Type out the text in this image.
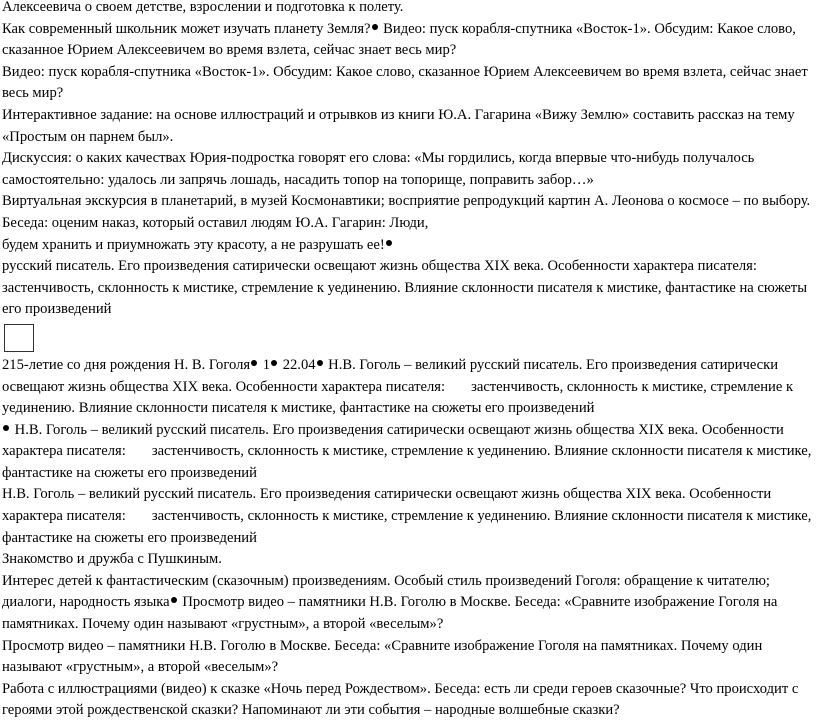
Алексеевича о своем детстве, взрослении и подготовка к полету.

Как современный школьник может изучать планету Земля? Видео: пуск корабля-спутника «Восток-1». Обсудим: Какое слово, сказанное Юрием Алексеевичем во время взлета, сейчас знает весь мир?

Видео: пуск корабля-спутника «Восток-1». Обсудим: Какое слово, сказанное Юрием Алексеевичем во время взлета, сейчас знает весь мир?

Интерактивное задание: на основе иллюстраций и отрывков из книги Ю.А. Гагарина «Вижу Землю» составить рассказ на тему «Простым он парнем был».

Дискуссия: о каких качествах Юрия-подростка говорят его слова: «Мы гордились, когда впервые что-нибудь получалось самостоятельно: удалось ли запрячь лошадь, насадить топор на топорище, поправить забор…»

Виртуальная экскурсия в планетарий, в музей Космонавтики; восприятие репродукций картин А. Леонова о космосе – по выбору.

Беседа: оценим наказ, который оставил людям Ю.А. Гагарин: Люди,

будем хранить и приумножать эту красоту, а не разрушать ее!

русский писатель. Его произведения сатирически освещают жизнь общества XIX века. Особенности характера писателя:застенчивость, склонность к мистике, стремление к уединению. Влияние склонности писателя к мистике, фантастике на сюжеты его произведений

215-летие со дня рождения Н. В. Гоголя 1 22.04 Н.В. Гоголь – великий русский писатель. Его произведения сатирически освещают жизнь общества XIX века. Особенности характера писателя: застенчивость, склонность к мистике, стремление к уединению. Влияние склонности писателя к мистике, фантастике на сюжеты его произведений

Н.В. Гоголь – великий русский писатель. Его произведения сатирически освещают жизнь общества XIX века. Особенности характера писателя: застенчивость, склонность к мистике, стремление к уединению. Влияние склонности писателя к мистике, фантастике на сюжеты его произведений

Н.В. Гоголь – великий русский писатель. Его произведения сатирически освещают жизнь общества XIX века. Особенности характера писателя: застенчивость, склонность к мистике, стремление к уединению. Влияние склонности писателя к мистике, фантастике на сюжеты его произведений

Знакомство и дружба с Пушкиным.

Интерес детей к фантастическим (сказочным) произведениям. Особый стиль произведений Гоголя: обращение к читателю; диалоги, народность языка Просмотр видео – памятники Н.В. Гоголю в Москве. Беседа: «Сравните изображение Гоголя на памятниках. Почему один называют «грустным», а второй «веселым»?

Просмотр видео – памятники Н.В. Гоголю в Москве. Беседа: «Сравните изображение Гоголя на памятниках. Почему один называют «грустным», а второй «веселым»?

Работа с иллюстрациями (видео) к сказке «Ночь перед Рождеством». Беседа: есть ли среди героев сказочные? Что происходит с героями этой рождественской сказки? Напоминают ли эти события – народные волшебные сказки?
